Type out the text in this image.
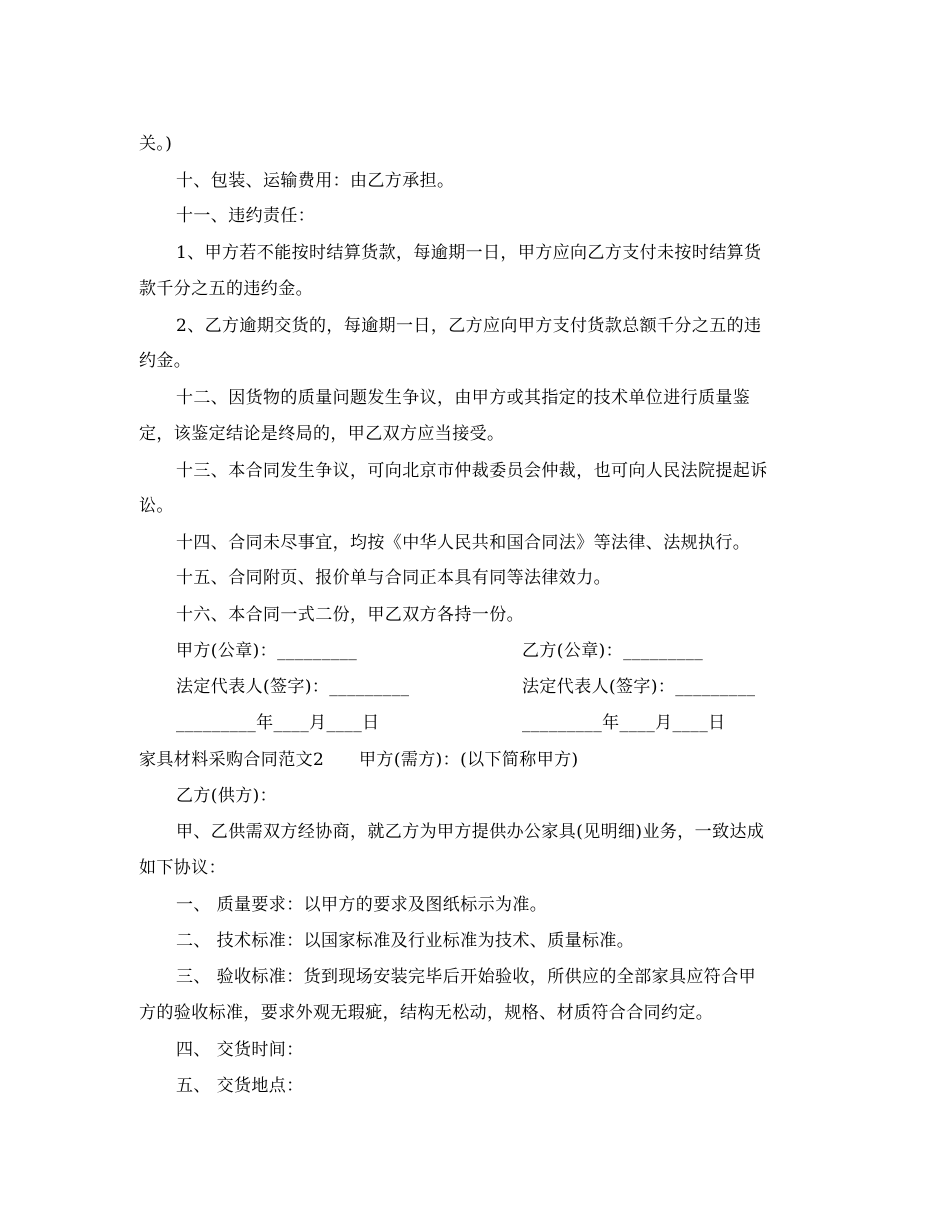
关。)
十、包装、运输费用：由乙方承担。
十一、违约责任：
1、甲方若不能按时结算货款，每逾期一日，甲方应向乙方支付未按时结算货
款千分之五的违约金。
2、乙方逾期交货的，每逾期一日，乙方应向甲方支付货款总额千分之五的违
约金。
十二、因货物的质量问题发生争议，由甲方或其指定的技术单位进行质量鉴
定，该鉴定结论是终局的，甲乙双方应当接受。
十三、本合同发生争议，可向北京市仲裁委员会仲裁，也可向人民法院提起诉
讼。
十四、合同未尽事宜，均按《中华人民共和国合同法》等法律、法规执行。
十五、合同附页、报价单与合同正本具有同等法律效力。
十六、本合同一式二份，甲乙双方各持一份。
甲方(公章)：_________	乙方(公章)：_________
法定代表人(签字)：_________	法定代表人(签字)：_________
_________年____月____日	_________年____月____日
家具材料采购合同范文2　　甲方(需方)：(以下简称甲方)
乙方(供方)：
甲、乙供需双方经协商，就乙方为甲方提供办公家具(见明细)业务，一致达成
如下协议：
一、 质量要求：以甲方的要求及图纸标示为准。
二、 技术标准：以国家标准及行业标准为技术、质量标准。
三、 验收标准：货到现场安装完毕后开始验收，所供应的全部家具应符合甲
方的验收标准，要求外观无瑕疵，结构无松动，规格、材质符合合同约定。
四、 交货时间：
五、 交货地点：
